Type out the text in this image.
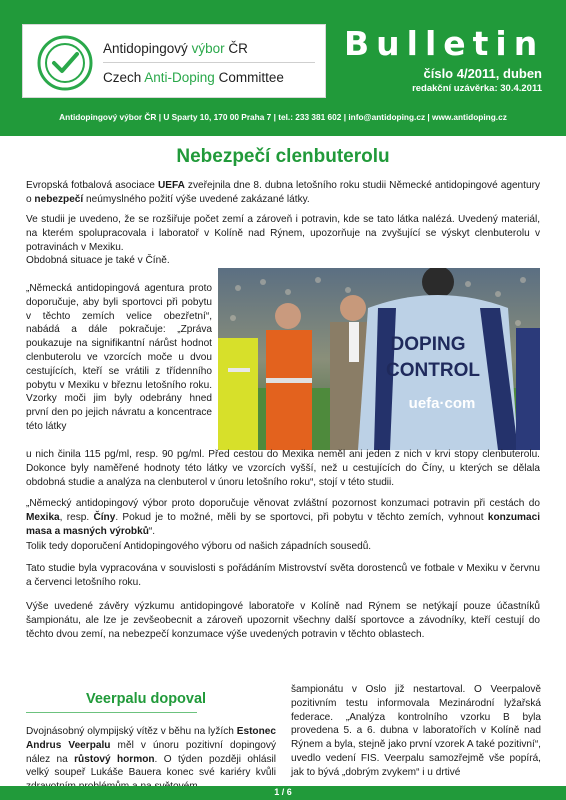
Antidopingový výbor ČR
Czech Anti-Doping Committee
Bulletin
číslo 4/2011, duben
redakční uzávěrka: 30.4.2011
Antidopingový výbor ČR | U Sparty 10, 170 00 Praha 7 | tel.: 233 381 602 | info@antidoping.cz | www.antidoping.cz
Nebezpečí clenbuterolu
Evropská fotbalová asociace UEFA zveřejnila dne 8. dubna letošního roku studii Německé antidopingové agentury o nebezpečí neúmyslného požití výše uvedené zakázané látky.
Ve studii je uvedeno, že se rozšiřuje počet zemí a zároveň i potravin, kde se tato látka nalézá. Uvedený materiál, na kterém spolupracovala i laboratoř v Kolíně nad Rýnem, upozorňuje na zvyšující se výskyt clenbuterolu v potravinách v Mexiku.
Obdobná situace je také v Číně.
DOPING
CONTROL
uefa·com
„Německá antidopingová agentura proto doporučuje, aby byli sportovci při pobytu v těchto zemích velice obezřetní“, nabádá a dále pokračuje: „Zpráva poukazuje na signifikantní nárůst hodnot clenbuterolu ve vzorcích moče u dvou cestujících, kteří se vrátili z třídenního pobytu v Mexiku v březnu letošního roku. Vzorky moči jim byly odebrány hned první den po jejich návratu a koncentrace této látky
u nich činila 115 pg/ml, resp. 90 pg/ml. Před cestou do Mexika neměl ani jeden z nich v krvi stopy clenbuterolu. Dokonce byly naměřené hodnoty této látky ve vzorcích vyšší, než u cestujících do Číny, u kterých se dělala obdobná studie a analýza na clenbuterol v únoru letošního roku“, stojí v této studii.
„Německý antidopingový výbor proto doporučuje věnovat zvláštní pozornost konzumaci potravin při cestách do Mexika, resp. Číny. Pokud je to možné, měli by se sportovci, při pobytu v těchto zemích, vyhnout konzumaci masa a masných výrobků“.
Tolik tedy doporučení Antidopingového výboru od našich západních sousedů.
Tato studie byla vypracována v souvislosti s pořádáním Mistrovství světa dorostenců ve fotbale v Mexiku v červnu a červenci letošního roku.
Výše uvedené závěry výzkumu antidopingové laboratoře v Kolíně nad Rýnem se netýkají pouze účastníků šampionátu, ale lze je zevšeobecnit a zároveň upozornit všechny další sportovce a závodníky, kteří cestují do těchto dvou zemí, na nebezpečí konzumace výše uvedených potravin v těchto oblastech.
Veerpalu dopoval
Dvojnásobný olympijský vítěz v běhu na lyžích Estonec Andrus Veerpalu měl v únoru pozitivní dopingový nález na růstový hormon. O týden později ohlásil velký soupeř Lukáše Bauera konec své kariéry kvůli
šampionátu v Oslo již nestartoval. O Veerpalově pozitivním testu informovala Mezinárodní lyžařská federace. „Analýza kontrolního vzorku B byla provedena 5. a 6. dubna v laboratořích v Kolíně nad Rýnem a byla, stejně jako první vzorek A také pozitivní“, uvedlo vedení FIS. Veerpalu samozřejmě vše popírá, jak to bývá „dobrým zvykem“ i u drtivé
1 / 6
